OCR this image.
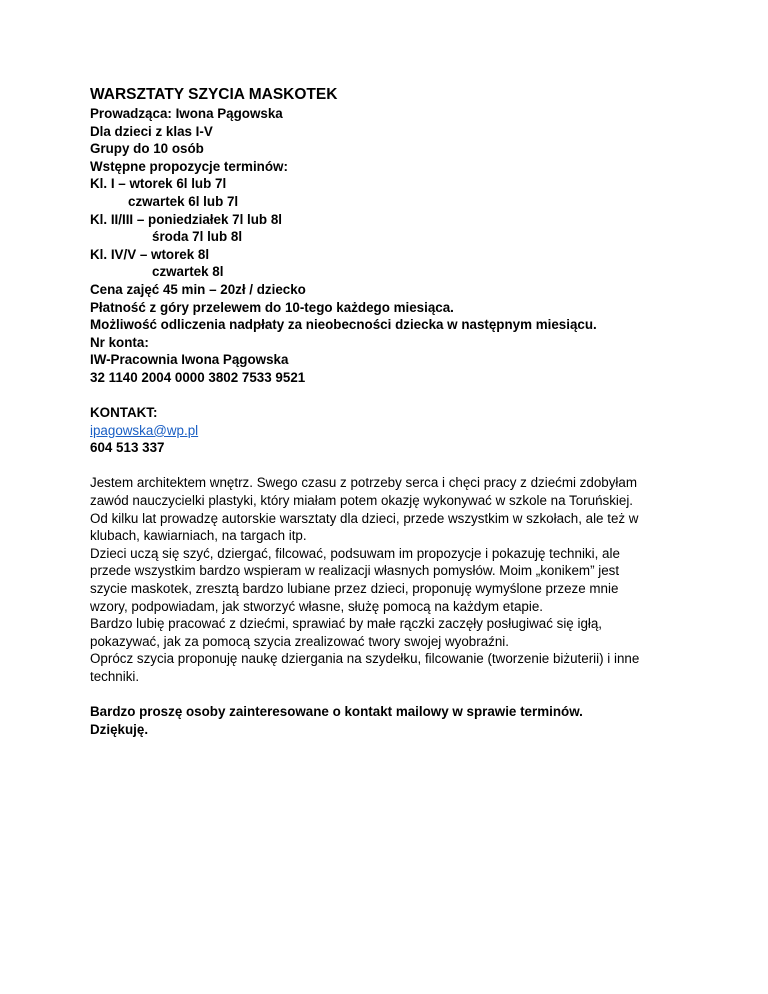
WARSZTATY SZYCIA MASKOTEK
Prowadząca: Iwona Pągowska
Dla dzieci z klas I-V
Grupy do 10 osób
Wstępne propozycje terminów:
Kl. I – wtorek 6l lub 7l
czwartek 6l lub 7l
Kl. II/III – poniedziałek 7l lub 8l
środa 7l lub 8l
Kl. IV/V – wtorek 8l
czwartek 8l
Cena zajęć 45 min – 20zł / dziecko
Płatność z góry przelewem do 10-tego każdego miesiąca.
Możliwość odliczenia nadpłaty za nieobecności dziecka w następnym miesiącu.
Nr konta:
IW-Pracownia Iwona Pągowska
32 1140 2004 0000 3802 7533 9521
KONTAKT:
ipagowska@wp.pl
604 513 337
Jestem architektem wnętrz. Swego czasu z potrzeby serca i chęci pracy z dziećmi zdobyłam
zawód nauczycielki plastyki, który miałam potem okazję wykonywać w szkole na Toruńskiej.
Od kilku lat prowadzę autorskie warsztaty dla dzieci, przede wszystkim w szkołach, ale też w
klubach, kawiarniach, na targach itp.
Dzieci uczą się szyć, dziergać, filcować, podsuwam im propozycje i pokazuję techniki, ale
przede wszystkim bardzo wspieram w realizacji własnych pomysłów. Moim „konikem” jest
szycie maskotek, zresztą bardzo lubiane przez dzieci, proponuję wymyślone przeze mnie
wzory, podpowiadam, jak stworzyć własne, służę pomocą na każdym etapie.
Bardzo lubię pracować z dziećmi, sprawiać by małe rączki zaczęły posługiwać się igłą,
pokazywać, jak za pomocą szycia zrealizować twory swojej wyobraźni.
Oprócz szycia proponuję naukę dziergania na szydełku, filcowanie (tworzenie biżuterii) i inne
techniki.
Bardzo proszę osoby zainteresowane o kontakt mailowy w sprawie terminów.
Dziękuję.
